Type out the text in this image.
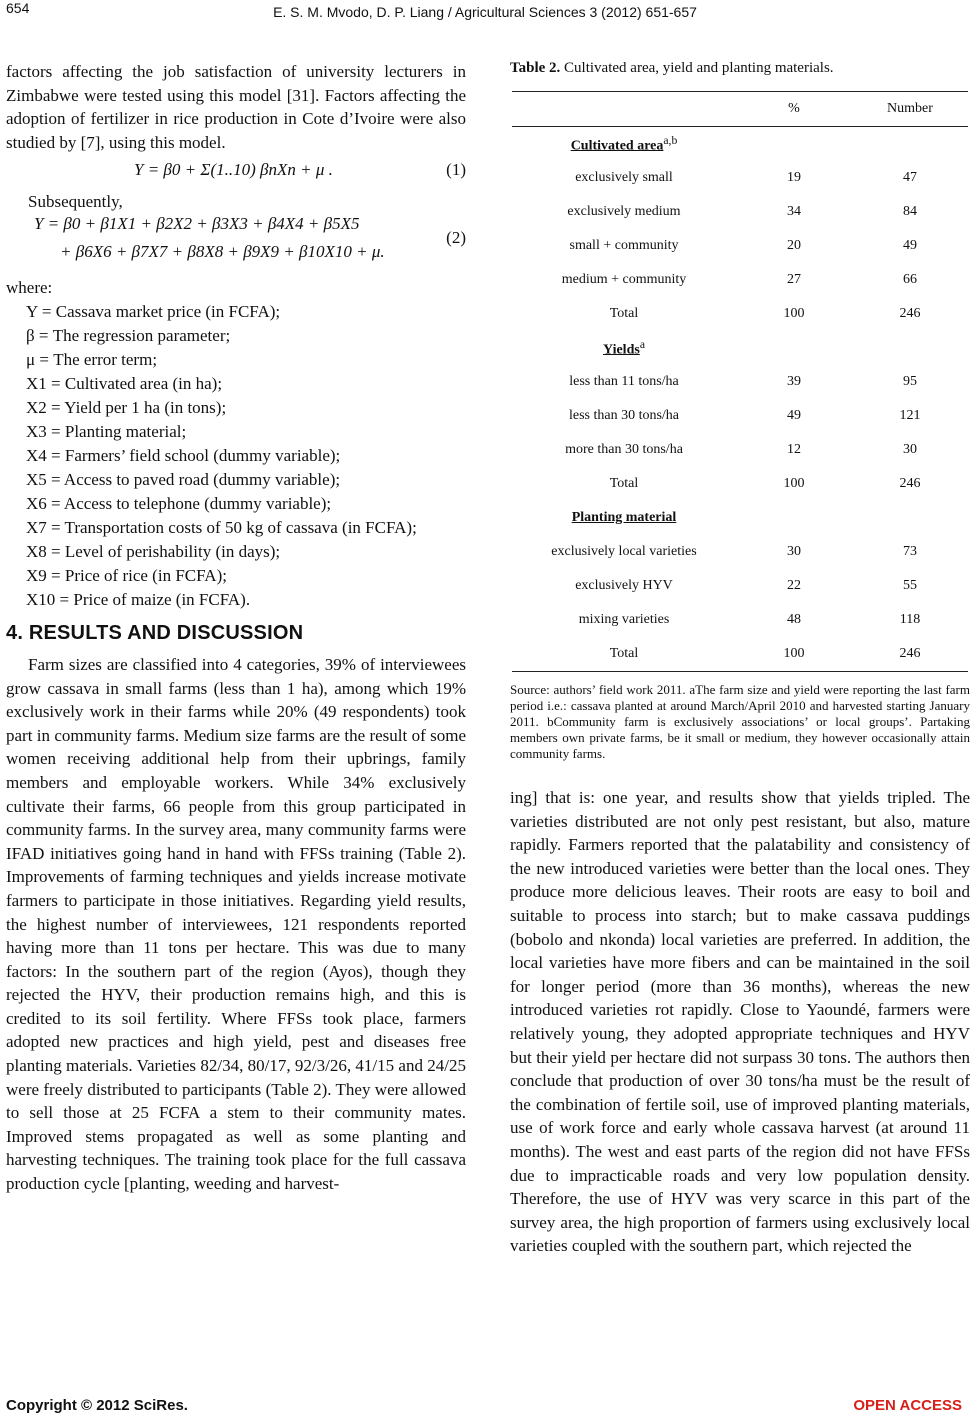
654	E. S. M. Mvodo, D. P. Liang / Agricultural Sciences 3 (2012) 651-657

factors affecting the job satisfaction of university lecturers in Zimbabwe were tested using this model [31]. Factors affecting the adoption of fertilizer in rice production in Cote d’Ivoire were also studied by [7], using this model.

Y = β0 + Σ(1..10) βnXn + μ .	(1)

Subsequently,

Y = β0 + β1X1 + β2X2 + β3X3 + β4X4 + β5X5
+ β6X6 + β7X7 + β8X8 + β9X9 + β10X10 + μ.
(2)
where:
Y = Cassava market price (in FCFA);
β = The regression parameter;
μ = The error term;
X1 = Cultivated area (in ha);
X2 = Yield per 1 ha (in tons);
X3 = Planting material;
X4 = Farmers’ field school (dummy variable);
X5 = Access to paved road (dummy variable);
X6 = Access to telephone (dummy variable);
X7 = Transportation costs of 50 kg of cassava (in FCFA);
X8 = Level of perishability (in days);
X9 = Price of rice (in FCFA);
X10 = Price of maize (in FCFA).
4. RESULTS AND DISCUSSION

Farm sizes are classified into 4 categories, 39% of interviewees grow cassava in small farms (less than 1 ha), among which 19% exclusively work in their farms while 20% (49 respondents) took part in community farms. Medium size farms are the result of some women receiving additional help from their upbrings, family members and employable workers. While 34% exclusively cultivate their farms, 66 people from this group participated in community farms. In the survey area, many community farms were IFAD initiatives going hand in hand with FFSs training (Table 2). Improvements of farming techniques and yields increase motivate farmers to participate in those initiatives. Regarding yield results, the highest number of interviewees, 121 respondents reported having more than 11 tons per hectare. This was due to many factors: In the southern part of the region (Ayos), though they rejected the HYV, their production remains high, and this is credited to its soil fertility. Where FFSs took place, farmers adopted new practices and high yield, pest and diseases free planting materials. Varieties 82/34, 80/17, 92/3/26, 41/15 and 24/25 were freely distributed to participants (Table 2). They were allowed to sell those at 25 FCFA a stem to their community mates. Improved stems propagated as well as some planting and harvesting techniques. The training took place for the full cassava production cycle [planting, weeding and harvest-

Table 2. Cultivated area, yield and planting materials.

	%	Number
Cultivated area$^{a,b}$		
exclusively small	19	47
exclusively medium	34	84
small + community	20	49
medium + community	27	66
Total	100	246
Yields$^a$		
less than 11 tons/ha	39	95
less than 30 tons/ha	49	121
more than 30 tons/ha	12	30
Total	100	246
Planting material		
exclusively local varieties	30	73
exclusively HYV	22	55
mixing varieties	48	118
Total	100	246

Source: authors’ field work 2011. aThe farm size and yield were reporting the last farm period i.e.: cassava planted at around March/April 2010 and harvested starting January 2011. bCommunity farm is exclusively associations’ or local groups’. Partaking members own private farms, be it small or medium, they however occasionally attain community farms.

ing] that is: one year, and results show that yields tripled. The varieties distributed are not only pest resistant, but also, mature rapidly. Farmers reported that the palatability and consistency of the new introduced varieties were better than the local ones. They produce more delicious leaves. Their roots are easy to boil and suitable to process into starch; but to make cassava puddings (bobolo and nkonda) local varieties are preferred. In addition, the local varieties have more fibers and can be maintained in the soil for longer period (more than 36 months), whereas the new introduced varieties rot rapidly. Close to Yaoundé, farmers were relatively young, they adopted appropriate techniques and HYV but their yield per hectare did not surpass 30 tons. The authors then conclude that production of over 30 tons/ha must be the result of the combination of fertile soil, use of improved planting materials, use of work force and early whole cassava harvest (at around 11 months). The west and east parts of the region did not have FFSs due to impracticable roads and very low population density. Therefore, the use of HYV was very scarce in this part of the survey area, the high proportion of farmers using exclusively local varieties coupled with the southern part, which rejected the

Copyright © 2012 SciRes.	OPEN ACCESS
